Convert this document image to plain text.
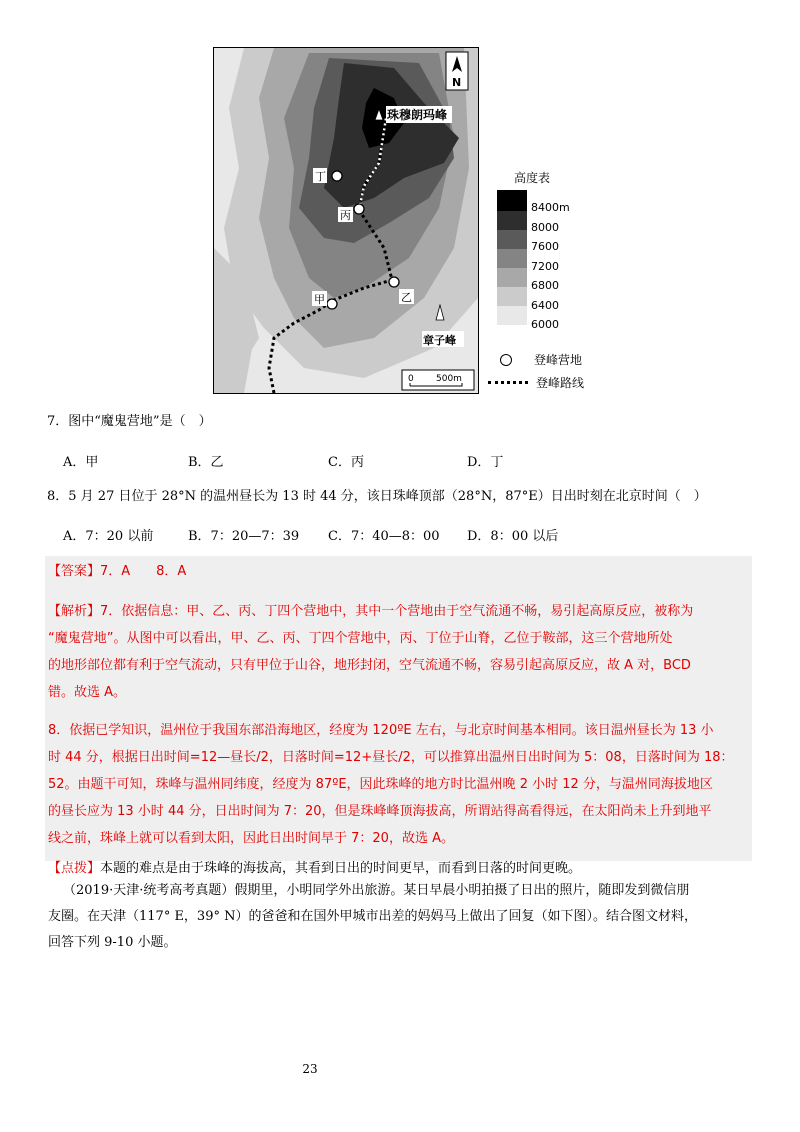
N
珠穆朗玛峰
章子峰
丁
丙
乙
甲
0 500m
高度表
8400m
8000
7600
7200
6800
6400
6000
登峰营地
登峰路线
7．图中“魔鬼营地”是（　）
A．甲	B．乙	C．丙	D．丁
8．5 月 27 日位于 28°N 的温州昼长为 13 时 44 分，该日珠峰顶部（28°N，87°E）日出时刻在北京时间（　）
A．7：20 以前	B．7：20—7：39 C．7：40—8：00 D．8：00 以后

【答案】7．A　　8．A

【解析】7．依据信息：甲、乙、丙、丁四个营地中，其中一个营地由于空气流通不畅，易引起高原反应，被称为

“魔鬼营地”。从图中可以看出，甲、乙、丙、丁四个营地中，丙、丁位于山脊，乙位于鞍部，这三个营地所处

的地形部位都有利于空气流动，只有甲位于山谷，地形封闭，空气流通不畅，容易引起高原反应，故 A 对，BCD

错。故选 A。

8．依据已学知识，温州位于我国东部沿海地区，经度为 120ºE 左右，与北京时间基本相同。该日温州昼长为 13 小

时 44 分，根据日出时间=12—昼长/2，日落时间=12+昼长/2，可以推算出温州日出时间为 5：08，日落时间为 18：

52。由题干可知，珠峰与温州同纬度，经度为 87ºE，因此珠峰的地方时比温州晚 2 小时 12 分，与温州同海拔地区

的昼长应为 13 小时 44 分，日出时间为 7：20，但是珠峰峰顶海拔高，所谓站得高看得远，在太阳尚未上升到地平

线之前，珠峰上就可以看到太阳，因此日出时间早于 7：20，故选 A。

【点拨】本题的难点是由于珠峰的海拔高，其看到日出的时间更早，而看到日落的时间更晚。

（2019·天津·统考高考真题）假期里，小明同学外出旅游。某日早晨小明拍摄了日出的照片，随即发到微信朋
友圈。在天津（117° E，39° N）的爸爸和在国外甲城市出差的妈妈马上做出了回复（如下图）。结合图文材料，
回答下列 9-10 小题。
23
